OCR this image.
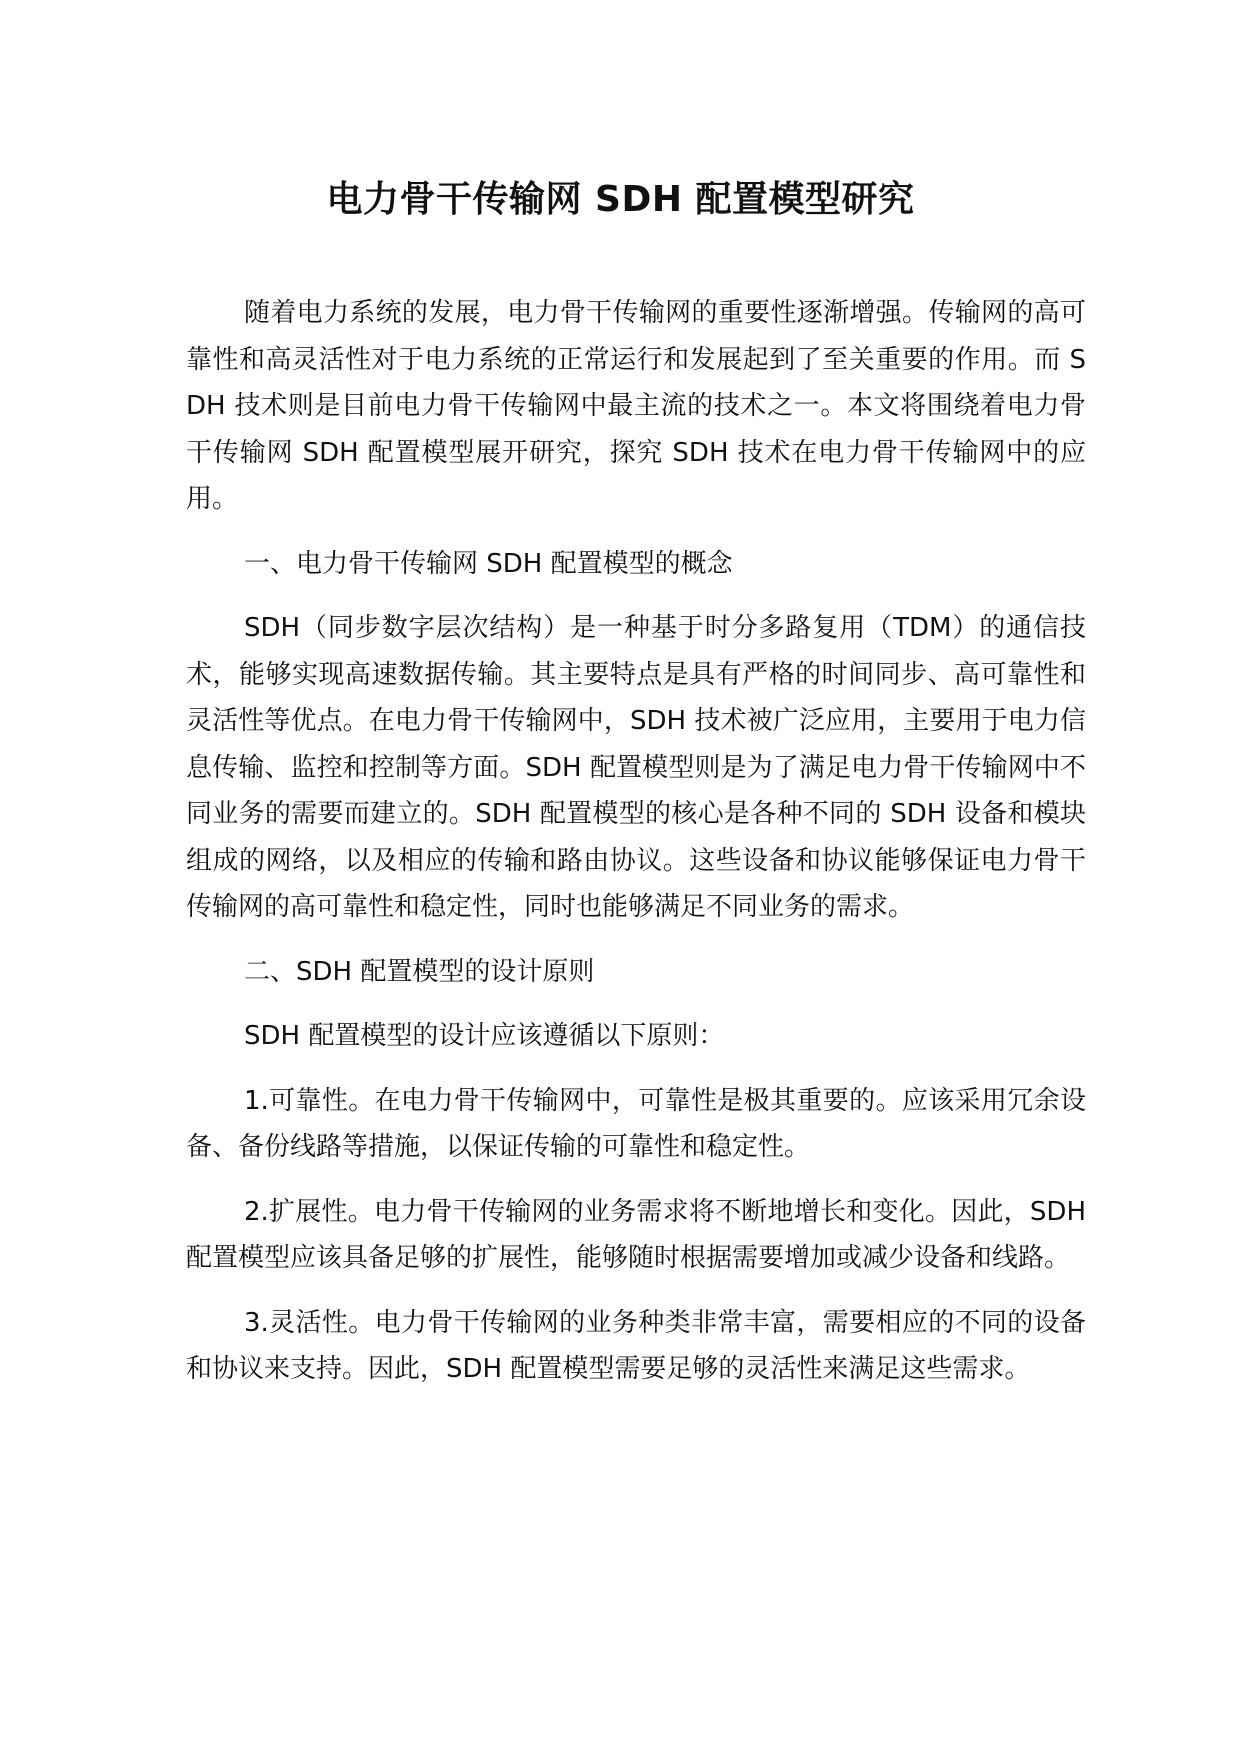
电力骨干传输网 SDH 配置模型研究

随着电力系统的发展，电力骨干传输网的重要性逐渐增强。传输网的高可靠性和高灵活性对于电力系统的正常运行和发展起到了至关重要的作用。而 SDH 技术则是目前电力骨干传输网中最主流的技术之一。本文将围绕着电力骨干传输网 SDH 配置模型展开研究，探究 SDH 技术在电力骨干传输网中的应用。

一、电力骨干传输网 SDH 配置模型的概念

SDH（同步数字层次结构）是一种基于时分多路复用（TDM）的通信技术，能够实现高速数据传输。其主要特点是具有严格的时间同步、高可靠性和灵活性等优点。在电力骨干传输网中，SDH 技术被广泛应用，主要用于电力信息传输、监控和控制等方面。SDH 配置模型则是为了满足电力骨干传输网中不同业务的需要而建立的。SDH 配置模型的核心是各种不同的 SDH 设备和模块组成的网络，以及相应的传输和路由协议。这些设备和协议能够保证电力骨干传输网的高可靠性和稳定性，同时也能够满足不同业务的需求。

二、SDH 配置模型的设计原则

SDH 配置模型的设计应该遵循以下原则：

1.可靠性。在电力骨干传输网中，可靠性是极其重要的。应该采用冗余设备、备份线路等措施，以保证传输的可靠性和稳定性。

2.扩展性。电力骨干传输网的业务需求将不断地增长和变化。因此，SDH 配置模型应该具备足够的扩展性，能够随时根据需要增加或减少设备和线路。

3.灵活性。电力骨干传输网的业务种类非常丰富，需要相应的不同的设备和协议来支持。因此，SDH 配置模型需要足够的灵活性来满足这些需求。
